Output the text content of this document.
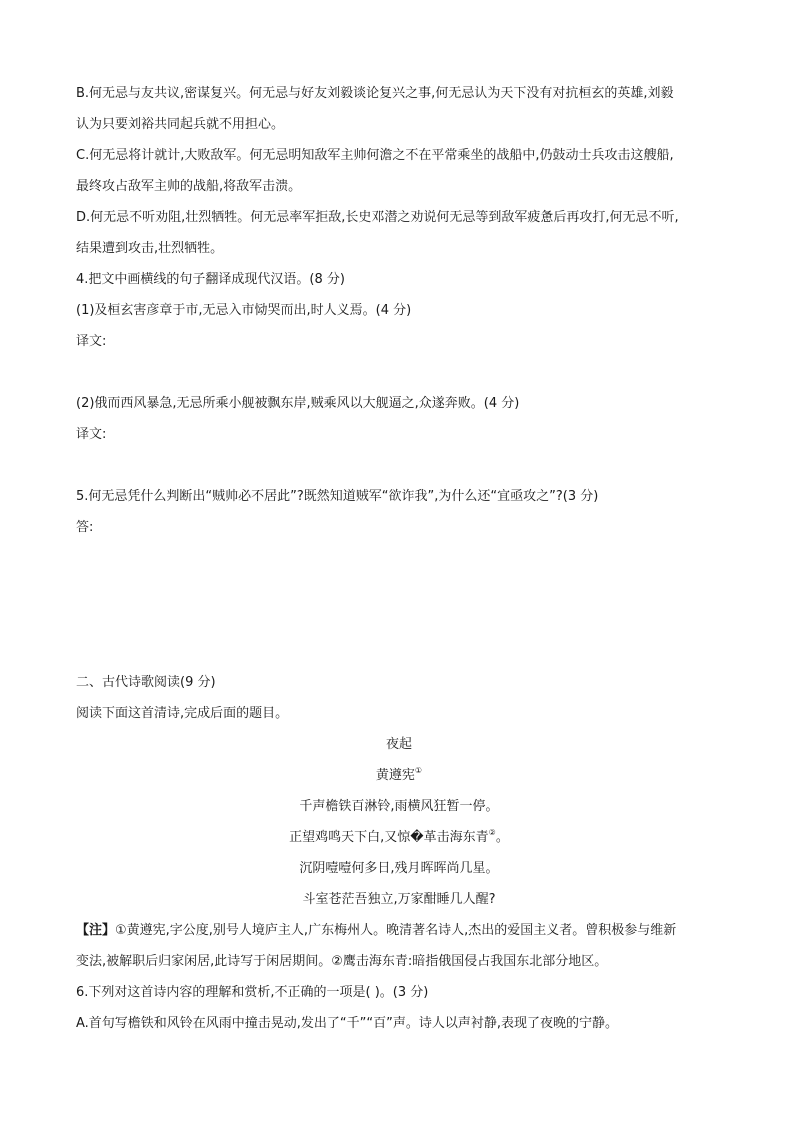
B.何无忌与友共议,密谋复兴。何无忌与好友刘毅谈论复兴之事,何无忌认为天下没有对抗桓玄的英雄,刘毅

认为只要刘裕共同起兵就不用担心。

C.何无忌将计就计,大败敌军。何无忌明知敌军主帅何澹之不在平常乘坐的战船中,仍鼓动士兵攻击这艘船,

最终攻占敌军主帅的战船,将敌军击溃。

D.何无忌不听劝阻,壮烈牺牲。何无忌率军拒敌,长史邓潜之劝说何无忌等到敌军疲惫后再攻打,何无忌不听,

结果遭到攻击,壮烈牺牲。

4.把文中画横线的句子翻译成现代汉语。(8 分)

(1)及桓玄害彦章于市,无忌入市恸哭而出,时人义焉。(4 分)

译文:

(2)俄而西风暴急,无忌所乘小舰被飘东岸,贼乘风以大舰逼之,众遂奔败。(4 分)

译文:

5.何无忌凭什么判断出“贼帅必不居此”?既然知道贼军“欲诈我”,为什么还“宜亟攻之”?(3 分)

答:

二、古代诗歌阅读(9 分)

阅读下面这首清诗,完成后面的题目。

夜起

黄遵宪①

千声檐铁百淋铃,雨横风狂暂一停。

正望鸡鸣天下白,又惊�革击海东青②。

沉阴噎噎何多日,残月晖晖尚几星。

斗室苍茫吾独立,万家酣睡几人醒?

【注】①黄遵宪,字公度,别号人境庐主人,广东梅州人。晚清著名诗人,杰出的爱国主义者。曾积极参与维新

变法,被解职后归家闲居,此诗写于闲居期间。②鹰击海东青:暗指俄国侵占我国东北部分地区。

6.下列对这首诗内容的理解和赏析,不正确的一项是( )。(3 分)

A.首句写檐铁和风铃在风雨中撞击晃动,发出了“千”“百”声。诗人以声衬静,表现了夜晚的宁静。
